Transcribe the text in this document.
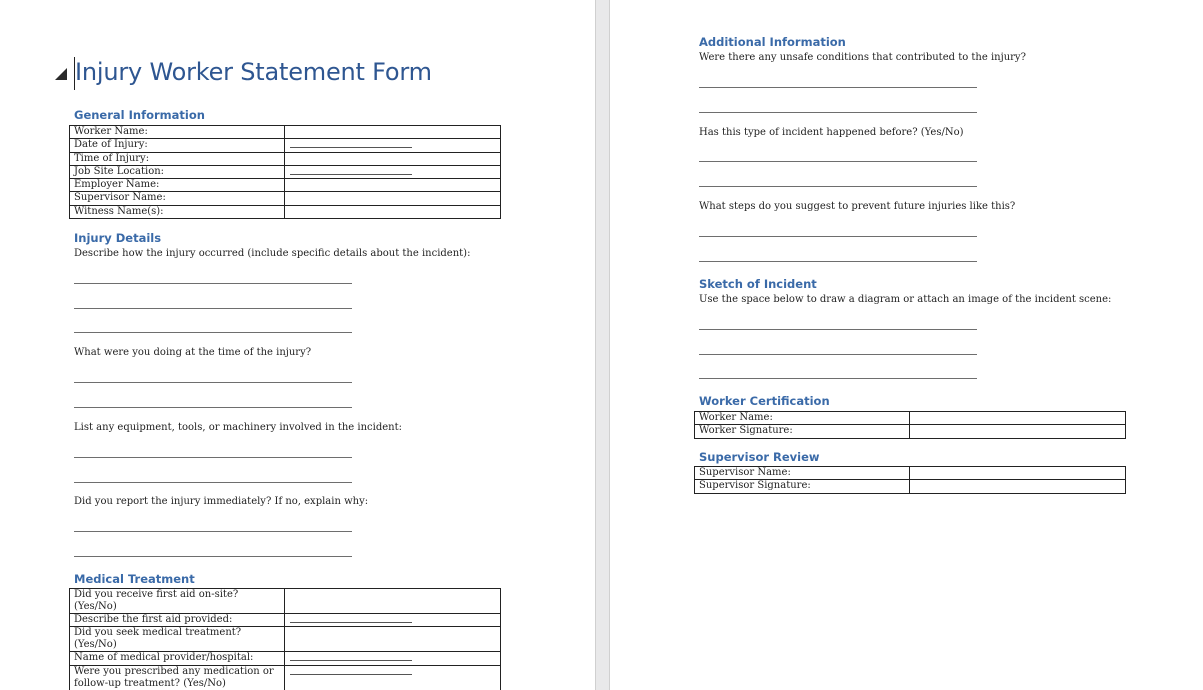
Injury Worker Statement Form
General Information
Worker Name:	
Date of Injury:	

Time of Injury:	
Job Site Location:	

Employer Name:	
Supervisor Name:	
Witness Name(s):	
Injury Details
Describe how the injury occurred (include specific details about the incident):
What were you doing at the time of the injury?
List any equipment, tools, or machinery involved in the incident:
Did you report the injury immediately? If no, explain why:
Medical Treatment
Did you receive first aid on-site? (Yes/No)	
Describe the first aid provided:	

Did you seek medical treatment? (Yes/No)	
Name of medical provider/hospital:	

Were you prescribed any medication or follow-up treatment? (Yes/No)	
Additional Information
Were there any unsafe conditions that contributed to the injury?
Has this type of incident happened before? (Yes/No)
What steps do you suggest to prevent future injuries like this?
Sketch of Incident
Use the space below to draw a diagram or attach an image of the incident scene:
Worker Certification
Worker Name:	
Worker Signature:	
Supervisor Review
Supervisor Name:	
Supervisor Signature:	
